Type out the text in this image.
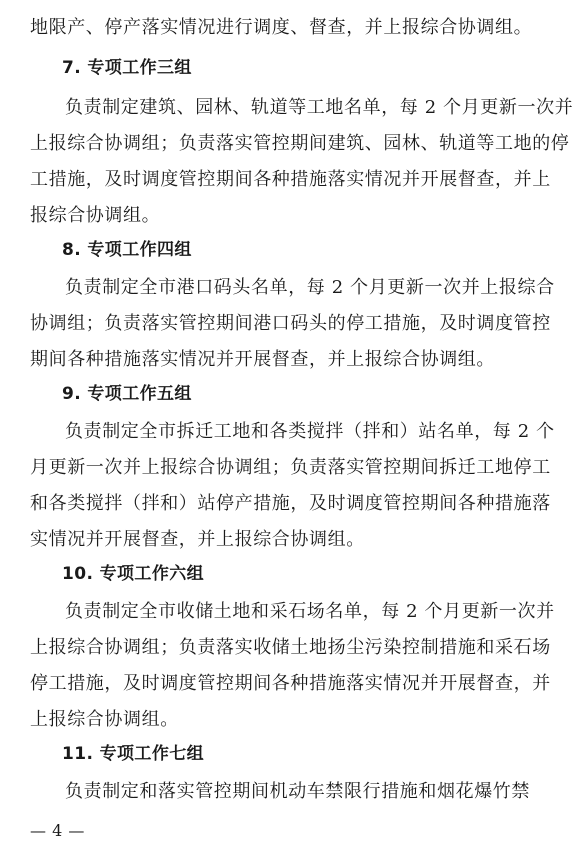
地限产、停产落实情况进行调度、督查，并上报综合协调组。
7. 专项工作三组
负责制定建筑、园林、轨道等工地名单，每 2 个月更新一次并
上报综合协调组；负责落实管控期间建筑、园林、轨道等工地的停
工措施，及时调度管控期间各种措施落实情况并开展督查，并上
报综合协调组。
8. 专项工作四组
负责制定全市港口码头名单，每 2 个月更新一次并上报综合
协调组；负责落实管控期间港口码头的停工措施，及时调度管控
期间各种措施落实情况并开展督查，并上报综合协调组。
9. 专项工作五组
负责制定全市拆迁工地和各类搅拌（拌和）站名单，每 2 个
月更新一次并上报综合协调组；负责落实管控期间拆迁工地停工
和各类搅拌（拌和）站停产措施，及时调度管控期间各种措施落
实情况并开展督查，并上报综合协调组。
10. 专项工作六组
负责制定全市收储土地和采石场名单，每 2 个月更新一次并
上报综合协调组；负责落实收储土地扬尘污染控制措施和采石场
停工措施，及时调度管控期间各种措施落实情况并开展督查，并
上报综合协调组。
11. 专项工作七组
负责制定和落实管控期间机动车禁限行措施和烟花爆竹禁
— 4 —
